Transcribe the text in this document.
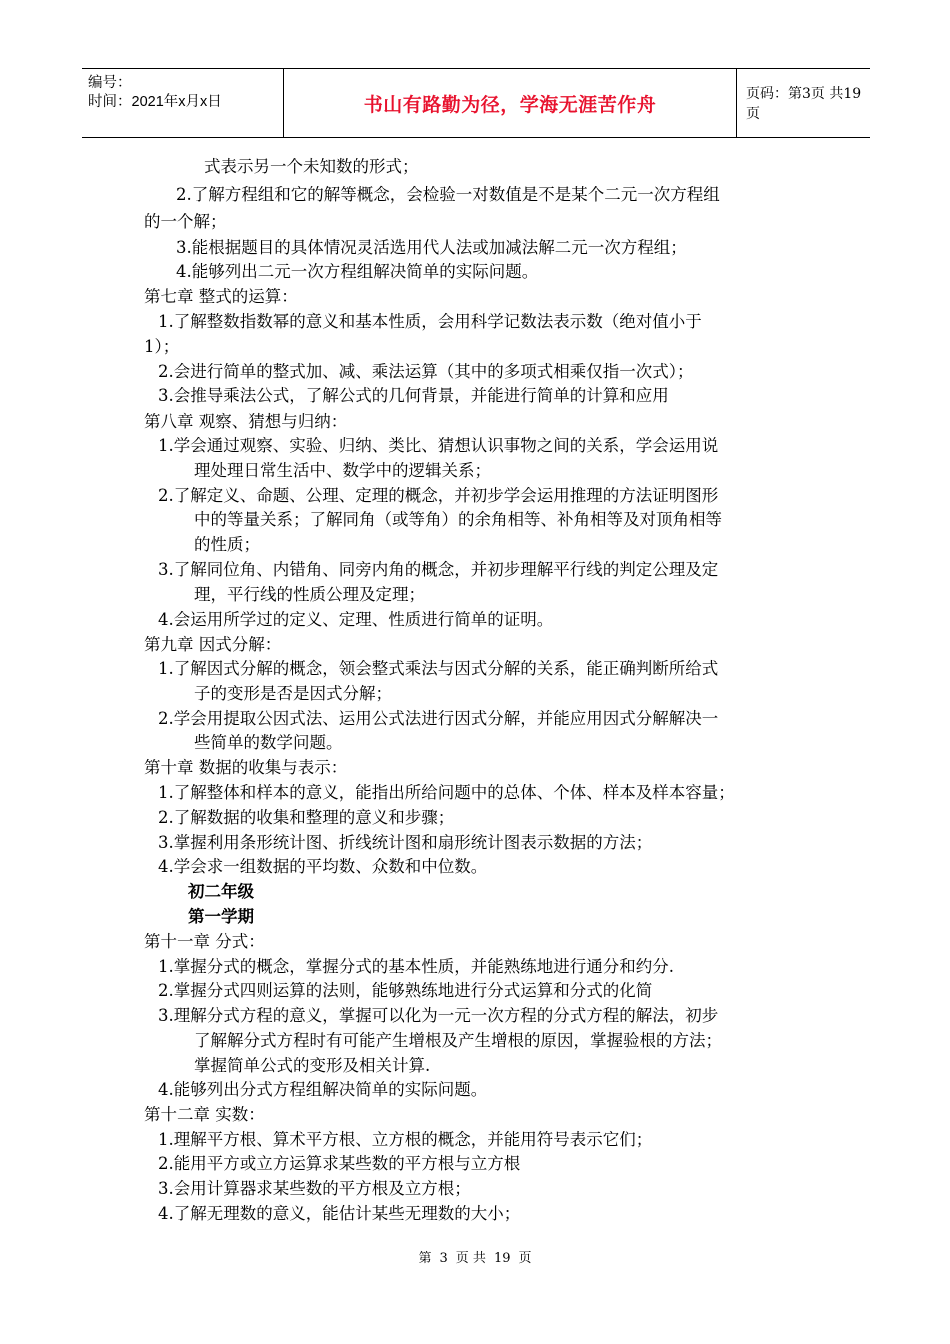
编号：
时间：2021年x月x日	书山有路勤为径，学海无涯苦作舟	页码：第3页 共19页
式表示另一个未知数的形式；
2.了解方程组和它的解等概念，会检验一对数值是不是某个二元一次方程组
的一个解；
3.能根据题目的具体情况灵活选用代人法或加减法解二元一次方程组；
4.能够列出二元一次方程组解决简单的实际问题。
第七章 整式的运算：
1.了解整数指数幂的意义和基本性质，会用科学记数法表示数（绝对值小于
1）；
2.会进行简单的整式加、减、乘法运算（其中的多项式相乘仅指一次式）；
3.会推导乘法公式，了解公式的几何背景，并能进行简单的计算和应用
第八章 观察、猜想与归纳：
1.学会通过观察、实验、归纳、类比、猜想认识事物之间的关系，学会运用说
理处理日常生活中、数学中的逻辑关系；
2.了解定义、命题、公理、定理的概念，并初步学会运用推理的方法证明图形
中的等量关系；了解同角（或等角）的余角相等、补角相等及对顶角相等
的性质；
3.了解同位角、内错角、同旁内角的概念，并初步理解平行线的判定公理及定
理，平行线的性质公理及定理；
4.会运用所学过的定义、定理、性质进行简单的证明。
第九章 因式分解：
1.了解因式分解的概念，领会整式乘法与因式分解的关系，能正确判断所给式
子的变形是否是因式分解；
2.学会用提取公因式法、运用公式法进行因式分解，并能应用因式分解解决一
些简单的数学问题。
第十章 数据的收集与表示：
1.了解整体和样本的意义，能指出所给问题中的总体、个体、样本及样本容量；
2.了解数据的收集和整理的意义和步骤；
3.掌握利用条形统计图、折线统计图和扇形统计图表示数据的方法；
4.学会求一组数据的平均数、众数和中位数。
初二年级
第一学期
第十一章 分式：
1.掌握分式的概念，掌握分式的基本性质，并能熟练地进行通分和约分.
2.掌握分式四则运算的法则，能够熟练地进行分式运算和分式的化简
3.理解分式方程的意义，掌握可以化为一元一次方程的分式方程的解法，初步
了解解分式方程时有可能产生增根及产生增根的原因，掌握验根的方法；
掌握简单公式的变形及相关计算.
4.能够列出分式方程组解决简单的实际问题。
第十二章 实数：
1.理解平方根、算术平方根、立方根的概念，并能用符号表示它们；
2.能用平方或立方运算求某些数的平方根与立方根
3.会用计算器求某些数的平方根及立方根；
4.了解无理数的意义，能估计某些无理数的大小；
第 3 页 共 19 页
